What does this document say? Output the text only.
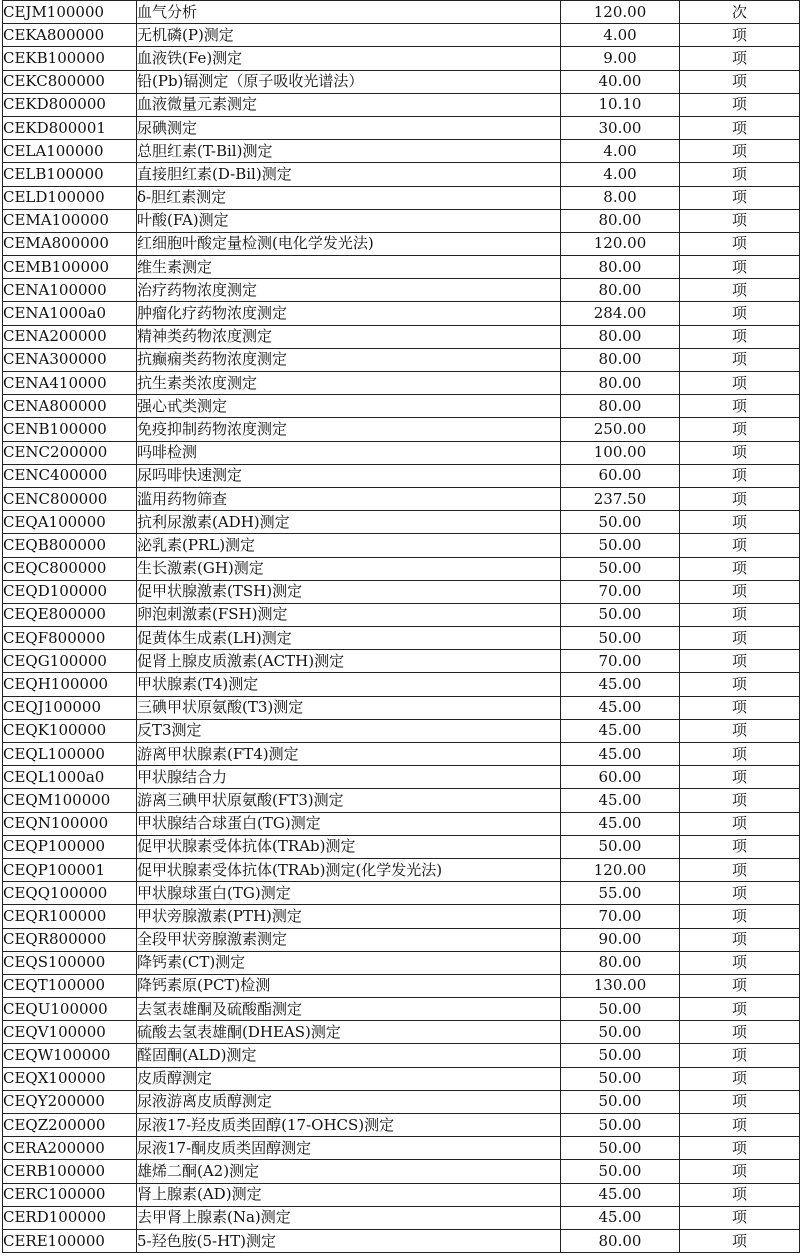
CEJM100000	血气分析	120.00	次
CEKA800000	无机磷(P)测定	4.00	项
CEKB100000	血液铁(Fe)测定	9.00	项
CEKC800000	铅(Pb)镉测定（原子吸收光谱法）	40.00	项
CEKD800000	血液微量元素测定	10.10	项
CEKD800001	尿碘测定	30.00	项
CELA100000	总胆红素(T-Bil)测定	4.00	项
CELB100000	直接胆红素(D-Bil)测定	4.00	项
CELD100000	δ-胆红素测定	8.00	项
CEMA100000	叶酸(FA)测定	80.00	项
CEMA800000	红细胞叶酸定量检测(电化学发光法)	120.00	项
CEMB100000	维生素测定	80.00	项
CENA100000	治疗药物浓度测定	80.00	项
CENA1000a0	肿瘤化疗药物浓度测定	284.00	项
CENA200000	精神类药物浓度测定	80.00	项
CENA300000	抗癫痫类药物浓度测定	80.00	项
CENA410000	抗生素类浓度测定	80.00	项
CENA800000	强心甙类测定	80.00	项
CENB100000	免疫抑制药物浓度测定	250.00	项
CENC200000	吗啡检测	100.00	项
CENC400000	尿吗啡快速测定	60.00	项
CENC800000	滥用药物筛查	237.50	项
CEQA100000	抗利尿激素(ADH)测定	50.00	项
CEQB800000	泌乳素(PRL)测定	50.00	项
CEQC800000	生长激素(GH)测定	50.00	项
CEQD100000	促甲状腺激素(TSH)测定	70.00	项
CEQE800000	卵泡刺激素(FSH)测定	50.00	项
CEQF800000	促黄体生成素(LH)测定	50.00	项
CEQG100000	促肾上腺皮质激素(ACTH)测定	70.00	项
CEQH100000	甲状腺素(T4)测定	45.00	项
CEQJ100000	三碘甲状原氨酸(T3)测定	45.00	项
CEQK100000	反T3测定	45.00	项
CEQL100000	游离甲状腺素(FT4)测定	45.00	项
CEQL1000a0	甲状腺结合力	60.00	项
CEQM100000	游离三碘甲状原氨酸(FT3)测定	45.00	项
CEQN100000	甲状腺结合球蛋白(TG)测定	45.00	项
CEQP100000	促甲状腺素受体抗体(TRAb)测定	50.00	项
CEQP100001	促甲状腺素受体抗体(TRAb)测定(化学发光法)	120.00	项
CEQQ100000	甲状腺球蛋白(TG)测定	55.00	项
CEQR100000	甲状旁腺激素(PTH)测定	70.00	项
CEQR800000	全段甲状旁腺激素测定	90.00	项
CEQS100000	降钙素(CT)测定	80.00	项
CEQT100000	降钙素原(PCT)检测	130.00	项
CEQU100000	去氢表雄酮及硫酸酯测定	50.00	项
CEQV100000	硫酸去氢表雄酮(DHEAS)测定	50.00	项
CEQW100000	醛固酮(ALD)测定	50.00	项
CEQX100000	皮质醇测定	50.00	项
CEQY200000	尿液游离皮质醇测定	50.00	项
CEQZ200000	尿液17-羟皮质类固醇(17-OHCS)测定	50.00	项
CERA200000	尿液17-酮皮质类固醇测定	50.00	项
CERB100000	雄烯二酮(A2)测定	50.00	项
CERC100000	肾上腺素(AD)测定	45.00	项
CERD100000	去甲肾上腺素(Na)测定	45.00	项
CERE100000	5-羟色胺(5-HT)测定	80.00	项
